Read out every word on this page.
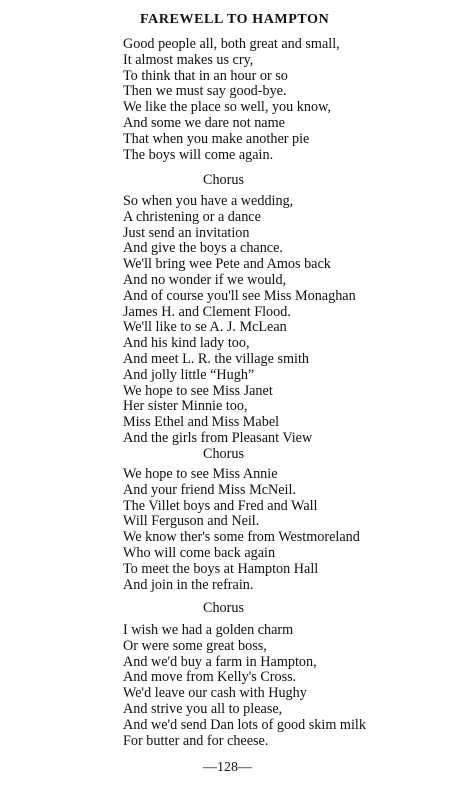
FAREWELL TO HAMPTON
Good people all, both great and small,
It almost makes us cry,
To think that in an hour or so
Then we must say good-bye.
We like the place so well, you know,
And some we dare not name
That when you make another pie
The boys will come again.
Chorus
So when you have a wedding,
A christening or a dance
Just send an invitation
And give the boys a chance.
We'll bring wee Pete and Amos back
And no wonder if we would,
And of course you'll see Miss Monaghan
James H. and Clement Flood.
We'll like to se A. J. McLean
And his kind lady too,
And meet L. R. the village smith
And jolly little “Hugh”
We hope to see Miss Janet
Her sister Minnie too,
Miss Ethel and Miss Mabel
And the girls from Pleasant View
Chorus
We hope to see Miss Annie
And your friend Miss McNeil.
The Villet boys and Fred and Wall
Will Ferguson and Neil.
We know ther's some from Westmoreland
Who will come back again
To meet the boys at Hampton Hall
And join in the refrain.
Chorus
I wish we had a golden charm
Or were some great boss,
And we'd buy a farm in Hampton,
And move from Kelly's Cross.
We'd leave our cash with Hughy
And strive you all to please,
And we'd send Dan lots of good skim milk
For butter and for cheese.
—128—
